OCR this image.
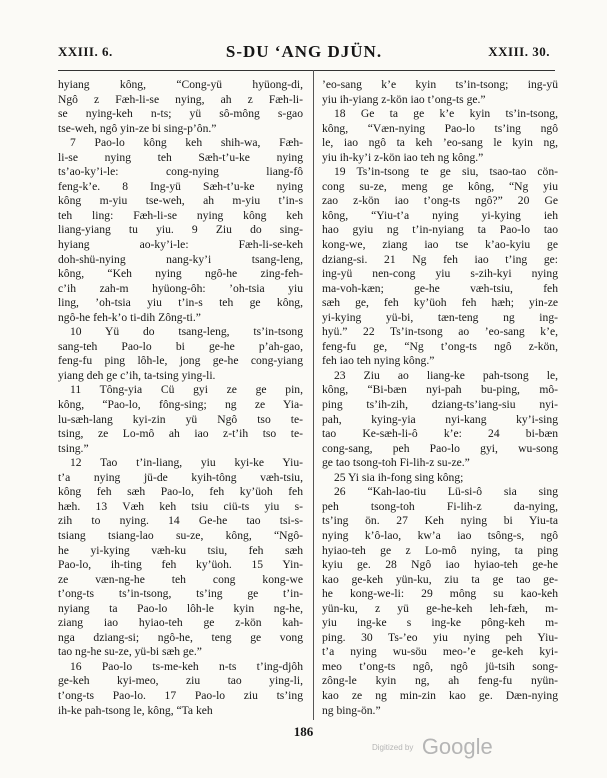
XXIII. 6.	S-DU ‘ANG DJÜN.	XXIII. 30.
hyiang kông, “Cong-yü hyüong-di,
Ngô z Fæh-li-se nying, ah z Fæh-li-
se nying-keh n-ts; yü sô-mông s-gao
tse-weh, ngô yin-ze bi sing-p’ôn.”
7 Pao-lo kông keh shih-wa, Fæh-
li-se nying teh Sæh-t’u-ke nying
ts’ao-ky’i-le: cong-nying liang-fô
feng-k’e. 8 Ing-yü Sæh-t’u-ke nying
kông m-yiu tse-weh, ah m-yiu t’in-s
teh ling: Fæh-li-se nying kông keh
liang-yiang tu yiu. 9 Ziu do sing-
hyiang ao-ky’i-le: Fæh-li-se-keh
doh-shü-nying nang-ky’i tsang-leng,
kông, “Keh nying ngô-he zing-feh-
c’ih zah-m hyüong-ôh: ’oh-tsia yiu
ling, ’oh-tsia yiu t’in-s teh ge kông,
ngô-he feh-k’o ti-dih Zông-ti.”
10 Yü do tsang-leng, ts’in-tsong
sang-teh Pao-lo bi ge-he p’ah-gao,
feng-fu ping lôh-le, jong ge-he cong-yiang
yiang deh ge c’ih, ta-tsing ying-li.
11 Tông-yia Cü gyi ze ge pin,
kông, “Pao-lo, fông-sing; ng ze Yia-
lu-sæh-lang kyi-zin yü Ngô tso te-
tsing, ze Lo-mô ah iao z-t’ih tso te-
tsing.”
12 Tao t’in-liang, yiu kyi-ke Yiu-
t’a nying jü-de kyih-tông væh-tsiu,
kông feh sæh Pao-lo, feh ky’üoh feh
hæh. 13 Væh keh tsiu ciü-ts yiu s-
zih to nying. 14 Ge-he tao tsi-s-
tsiang tsiang-lao su-ze, kông, “Ngô-
he yi-kying væh-ku tsiu, feh sæh
Pao-lo, ih-ting feh ky’üoh. 15 Yin-
ze væn-ng-he teh cong kong-we
t’ong-ts ts’in-tsong, ts’ing ge t’in-
nyiang ta Pao-lo lôh-le kyin ng-he,
ziang iao hyiao-teh ge z-kön kah-
nga dziang-si; ngô-he, teng ge vong
tao ng-he su-ze, yü-bi sæh ge.”
16 Pao-lo ts-me-keh n-ts t’ing-djôh
ge-keh kyi-meo, ziu tao ying-li,
t’ong-ts Pao-lo. 17 Pao-lo ziu ts’ing
ih-ke pah-tsong le, kông, “Ta keh
’eo-sang k’e kyin ts’in-tsong; ing-yü
yiu ih-yiang z-kön iao t’ong-ts ge.”
18 Ge ta ge k’e kyin ts’in-tsong,
kông, “Væn-nying Pao-lo ts’ing ngô
le, iao ngô ta keh ’eo-sang le kyin ng,
yiu ih-ky’i z-kön iao teh ng kông.”
19 Ts’in-tsong te ge siu, tsao-tao cön-
cong su-ze, meng ge kông, “Ng yiu
zao z-kön iao t’ong-ts ngô?” 20 Ge
kông, “Yiu-t’a nying yi-kying ieh
hao gyiu ng t’in-nyiang ta Pao-lo tao
kong-we, ziang iao tse k’ao-kyiu ge
dziang-si. 21 Ng feh iao t’ing ge:
ing-yü nen-cong yiu s-zih-kyi nying
ma-voh-kæn; ge-he væh-tsiu, feh
sæh ge, feh ky’üoh feh hæh; yin-ze
yi-kying yü-bi, tæn-teng ng ing-
hyü.” 22 Ts’in-tsong ao ’eo-sang k’e,
feng-fu ge, “Ng t’ong-ts ngô z-kön,
feh iao teh nying kông.”
23 Ziu ao liang-ke pah-tsong le,
kông, “Bi-bæn nyi-pah bu-ping, mô-
ping ts’ih-zih, dziang-ts’iang-siu nyi-
pah, kying-yia nyi-kang ky’i-sing
tao Ke-sæh-li-ô k’e: 24 bi-bæn
cong-sang, peh Pao-lo gyi, wu-song
ge tao tsong-toh Fi-lih-z su-ze.”
25 Yi sia ih-fong sing kông;
26 “Kah-lao-tiu Lü-si-ô sia sing
peh tsong-toh Fi-lih-z da-nying,
ts’ing ön. 27 Keh nying bi Yiu-ta
nying k’ô-lao, kw’a iao tsông-s, ngô
hyiao-teh ge z Lo-mô nying, ta ping
kyiu ge. 28 Ngô iao hyiao-teh ge-he
kao ge-keh yün-ku, ziu ta ge tao ge-
he kong-we-li: 29 mông su kao-keh
yün-ku, z yü ge-he-keh leh-fæh, m-
yiu ing-ke s ing-ke pông-keh m-
ping. 30 Ts-’eo yiu nying peh Yiu-
t’a nying wu-söu meo-’e ge-keh kyi-
meo t’ong-ts ngô, ngô jü-tsih song-
zông-le kyin ng, ah feng-fu nyün-
kao ze ng min-zin kao ge. Dæn-nying
ng bing-ön.”
186
Digitized by Google
